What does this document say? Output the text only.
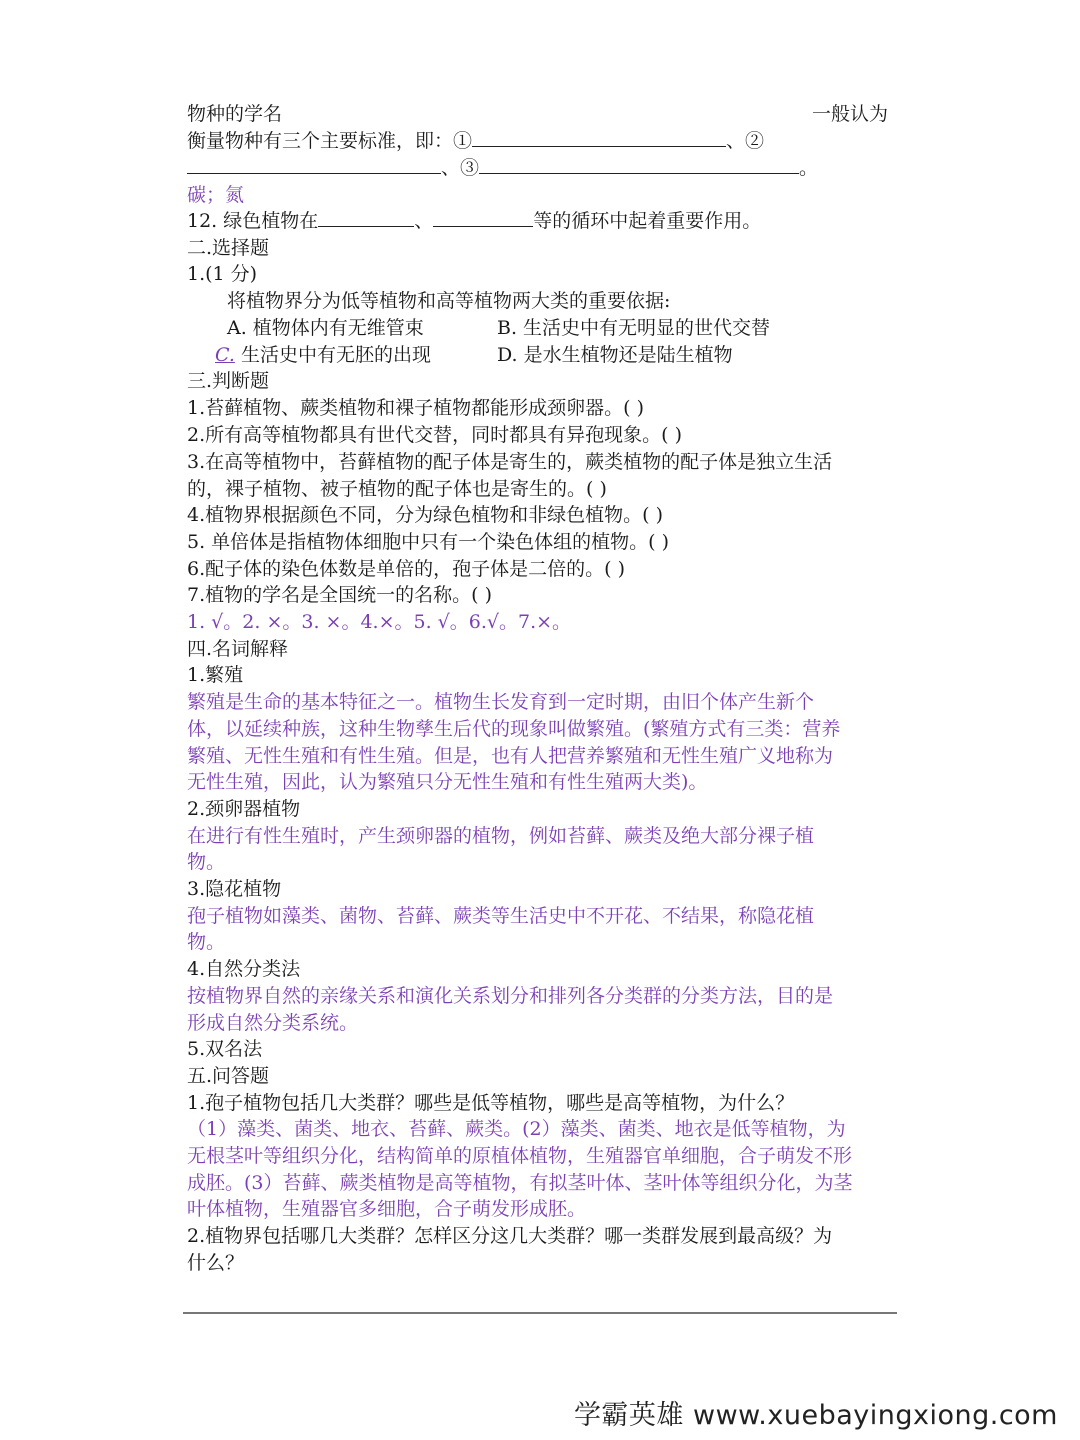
物种的学名	一般认为
衡量物种有三个主要标准，即：①	、②
、③	。
碳；氮
12. 绿色植物在	、	等的循环中起着重要作用。
二.选择题
1.(1 分)
将植物界分为低等植物和高等植物两大类的重要依据:
A. 植物体内有无维管束	B. 生活史中有无明显的世代交替
C. 生活史中有无胚的出现	D. 是水生植物还是陆生植物
三.判断题
1.苔藓植物、蕨类植物和裸子植物都能形成颈卵器。( )
2.所有高等植物都具有世代交替，同时都具有异孢现象。( )
3.在高等植物中，苔藓植物的配子体是寄生的，蕨类植物的配子体是独立生活
的，裸子植物、被子植物的配子体也是寄生的。( )
4.植物界根据颜色不同，分为绿色植物和非绿色植物。( )
5. 单倍体是指植物体细胞中只有一个染色体组的植物。( )
6.配子体的染色体数是单倍的，孢子体是二倍的。( )
7.植物的学名是全国统一的名称。( )
1. √。2. ×。3. ×。4.×。5. √。6.√。7.×。
四.名词解释
1.繁殖
繁殖是生命的基本特征之一。植物生长发育到一定时期，由旧个体产生新个
体，以延续种族，这种生物孳生后代的现象叫做繁殖。(繁殖方式有三类：营养
繁殖、无性生殖和有性生殖。但是，也有人把营养繁殖和无性生殖广义地称为
无性生殖，因此，认为繁殖只分无性生殖和有性生殖两大类)。
2.颈卵器植物
在进行有性生殖时，产生颈卵器的植物，例如苔藓、蕨类及绝大部分裸子植
物。
3.隐花植物
孢子植物如藻类、菌物、苔藓、蕨类等生活史中不开花、不结果，称隐花植
物。
4.自然分类法
按植物界自然的亲缘关系和演化关系划分和排列各分类群的分类方法，目的是
形成自然分类系统。
5.双名法
五.问答题
1.孢子植物包括几大类群？哪些是低等植物，哪些是高等植物，为什么？
（1）藻类、菌类、地衣、苔藓、蕨类。(2）藻类、菌类、地衣是低等植物，为
无根茎叶等组织分化，结构简单的原植体植物，生殖器官单细胞，合子萌发不形
成胚。(3）苔藓、蕨类植物是高等植物，有拟茎叶体、茎叶体等组织分化，为茎
叶体植物，生殖器官多细胞，合子萌发形成胚。
2.植物界包括哪几大类群？怎样区分这几大类群？哪一类群发展到最高级？为
什么？
学霸英雄 www.xuebayingxiong.com
